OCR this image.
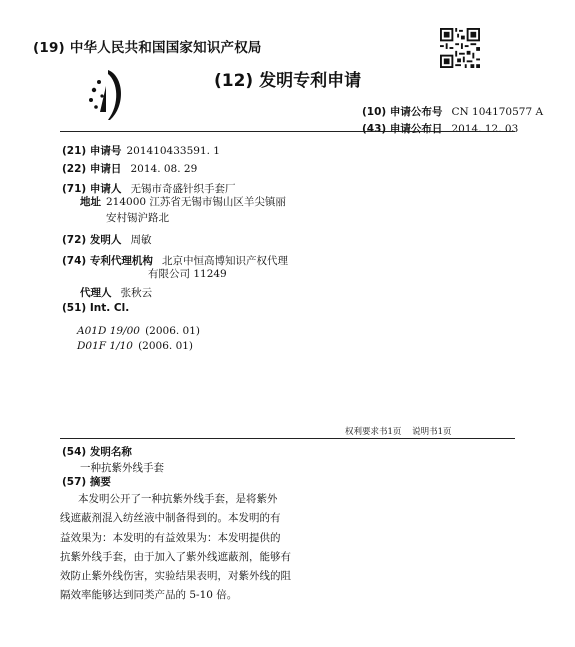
(19) 中华人民共和国国家知识产权局
(12) 发明专利申请
(10) 申请公布号 CN 104170577 A
(43) 申请公布日 2014. 12. 03
(21) 申请号 201410433591. 1
(22) 申请日 2014. 08. 29
(71) 申请人 无锡市奇盛针织手套厂
地址 214000 江苏省无锡市锡山区羊尖镇丽
安村锡沪路北
(72) 发明人 周敏
(74) 专利代理机构 北京中恒高博知识产权代理
有限公司 11249
代理人 张秋云
(51) Int. Cl.
A01D 19/00 (2006. 01)
D01F 1/10 (2006. 01)
权利要求书1页 说明书1页
(54) 发明名称
一种抗紫外线手套
(57) 摘要
本发明公开了一种抗紫外线手套，是将紫外
线遮蔽剂混入纺丝液中制备得到的。本发明的有
益效果为：本发明的有益效果为：本发明提供的
抗紫外线手套，由于加入了紫外线遮蔽剂，能够有
效防止紫外线伤害，实验结果表明，对紫外线的阻
隔效率能够达到同类产品的 5-10 倍。
